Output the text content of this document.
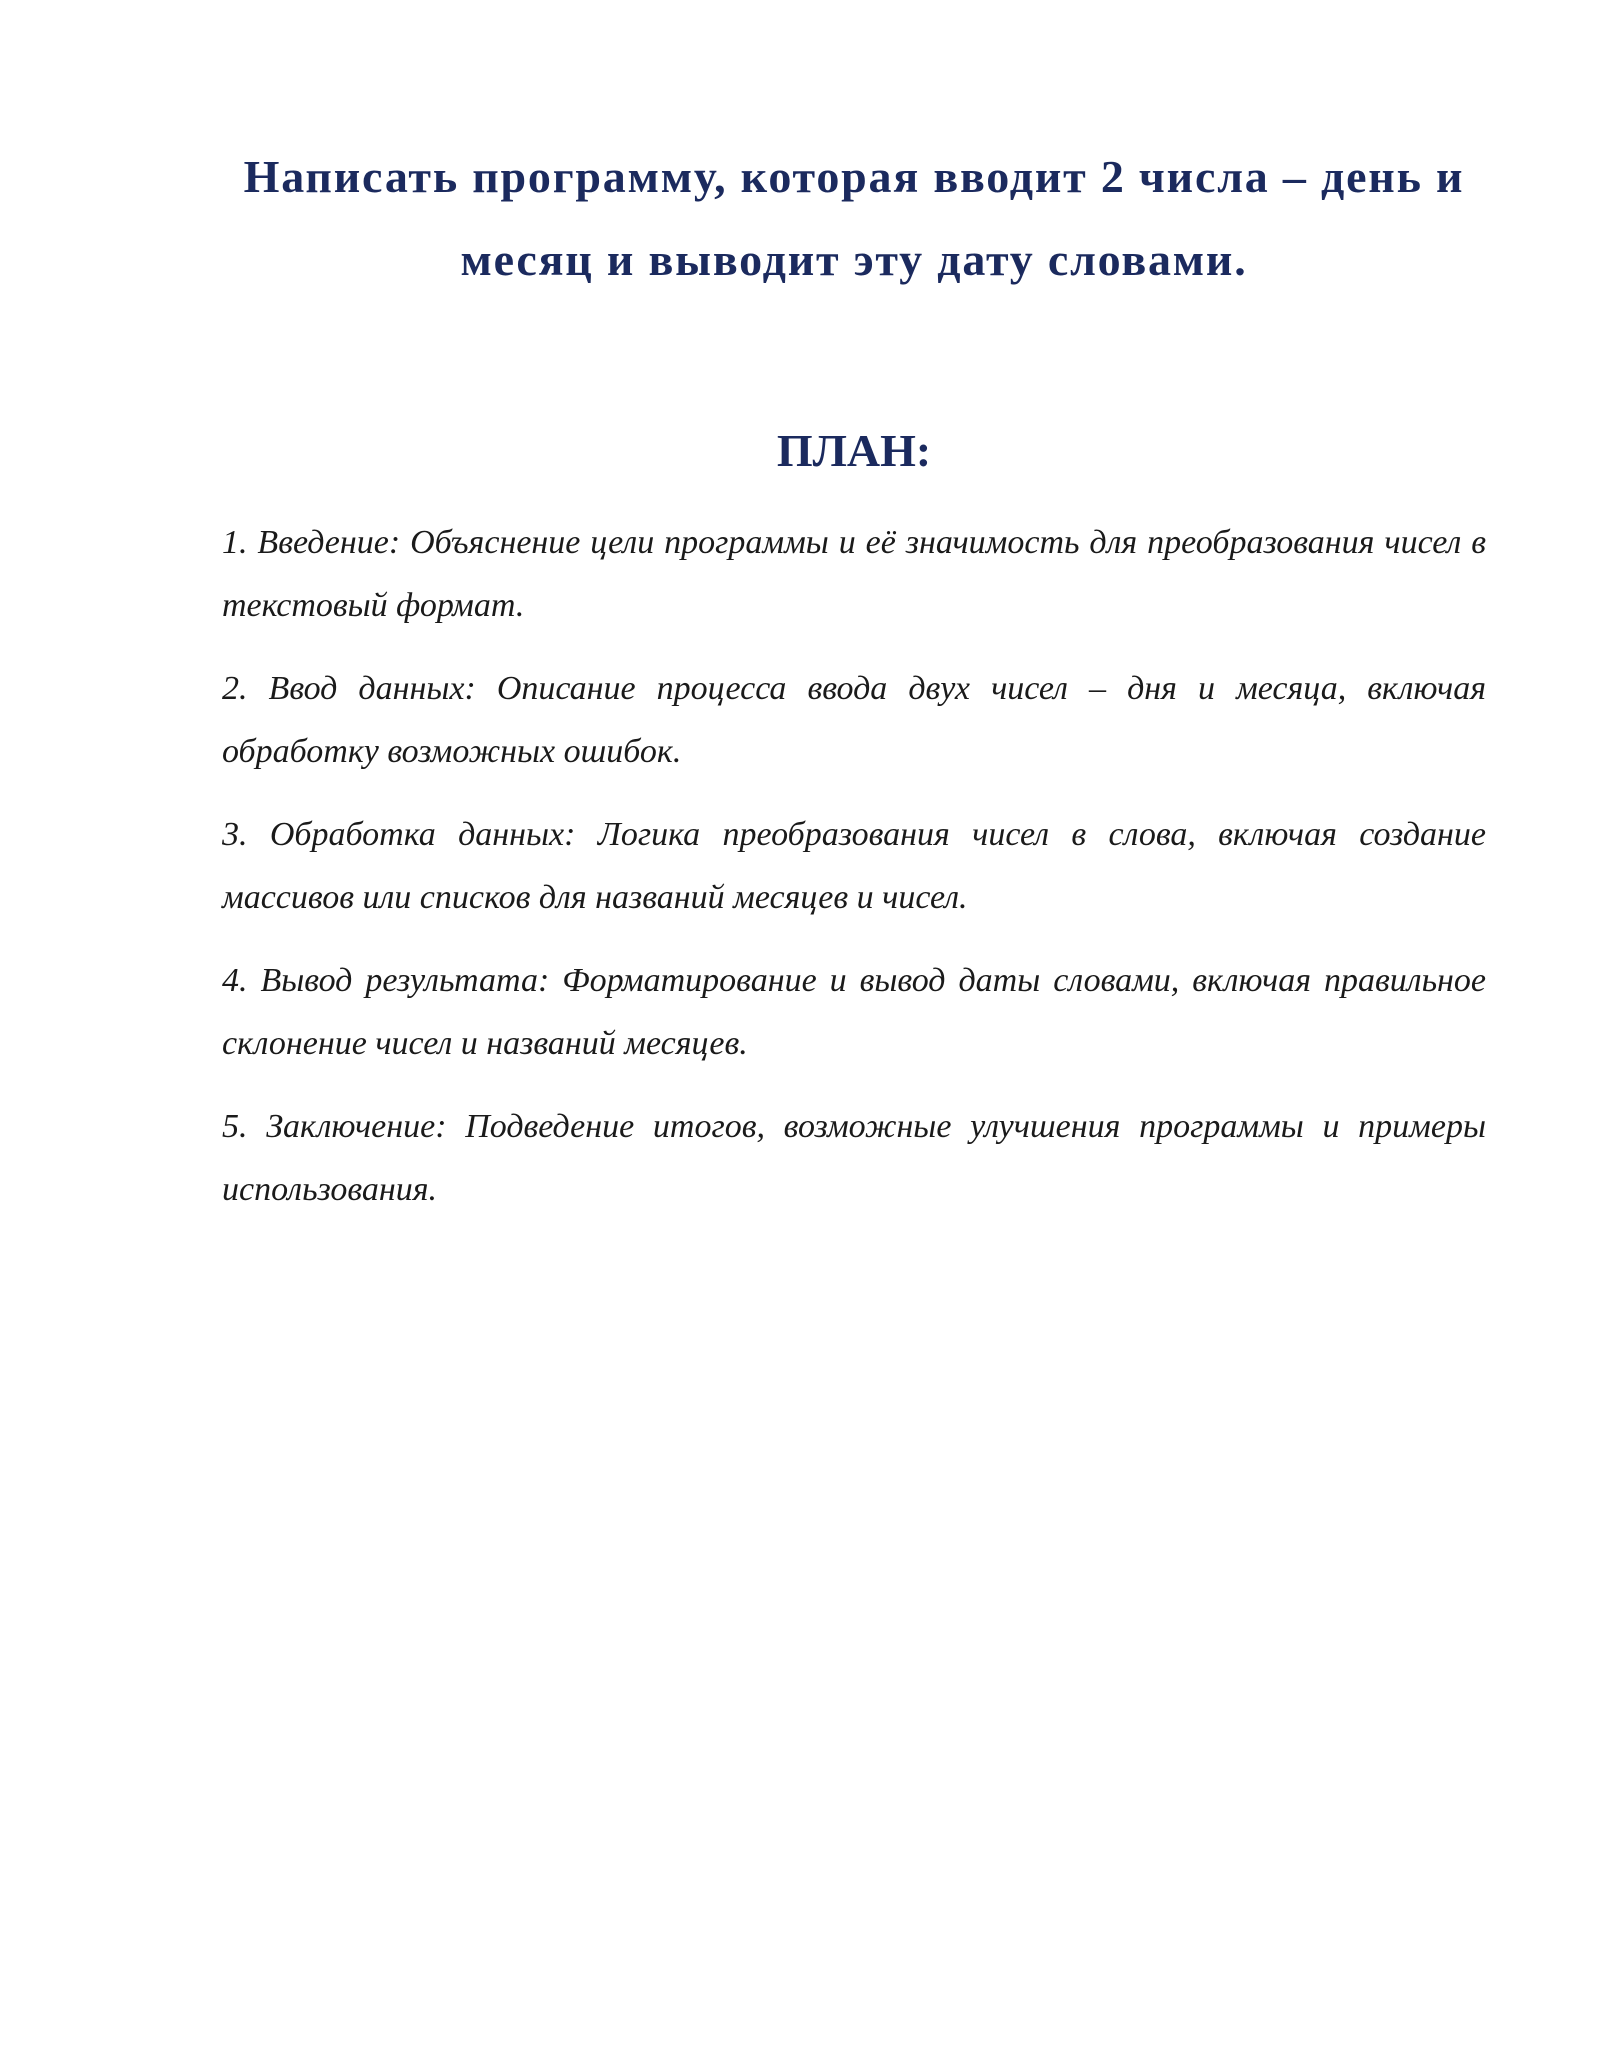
Написать программу, которая вводит 2 числа – день и месяц и выводит эту дату словами.
ПЛАН:
1. Введение: Объяснение цели программы и её значимость для преобразования чисел в текстовый формат.
2. Ввод данных: Описание процесса ввода двух чисел – дня и месяца, включая обработку возможных ошибок.
3. Обработка данных: Логика преобразования чисел в слова, включая создание массивов или списков для названий месяцев и чисел.
4. Вывод результата: Форматирование и вывод даты словами, включая правильное склонение чисел и названий месяцев.
5. Заключение: Подведение итогов, возможные улучшения программы и примеры использования.
